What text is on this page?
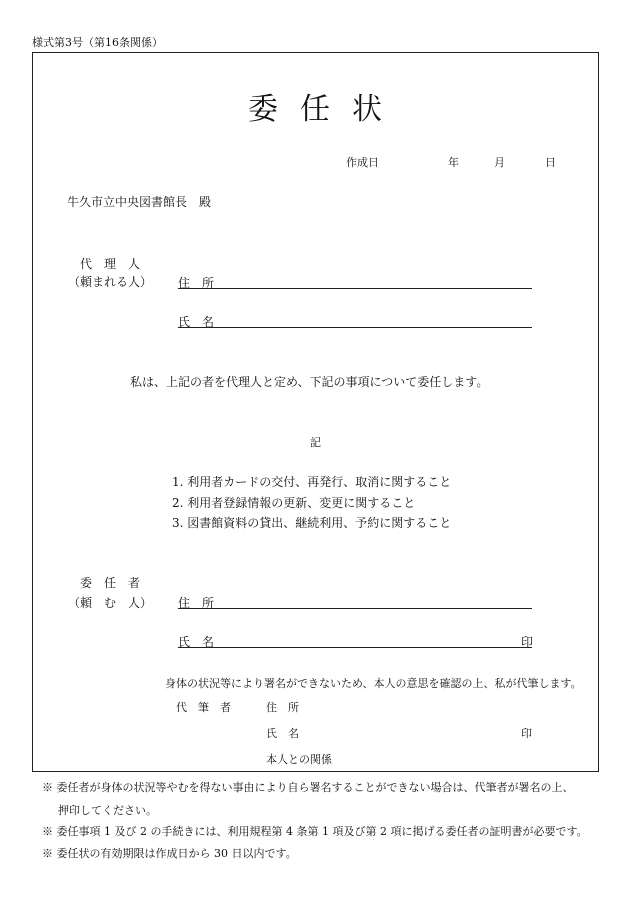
様式第3号（第16条関係）
委任状
作成日	年	月	日
牛久市立中央図書館長　殿
代　理　人
（頼まれる人） 住　所
氏　名
私は、上記の者を代理人と定め、下記の事項について委任します。
記
1. 利用者カードの交付、再発行、取消に関すること
2. 利用者登録情報の更新、変更に関すること
3. 図書館資料の貸出、継続利用、予約に関すること
委　任　者
（頼　む　人） 住　所
氏　名	印
身体の状況等により署名ができないため、本人の意思を確認の上、私が代筆します。
代　筆　者	住　所
氏　名	印
本人との関係
※ 委任者が身体の状況等やむを得ない事由により自ら署名することができない場合は、代筆者が署名の上、
押印してください。
※ 委任事項 1 及び 2 の手続きには、利用規程第 4 条第 1 項及び第 2 項に掲げる委任者の証明書が必要です。
※ 委任状の有効期限は作成日から 30 日以内です。
